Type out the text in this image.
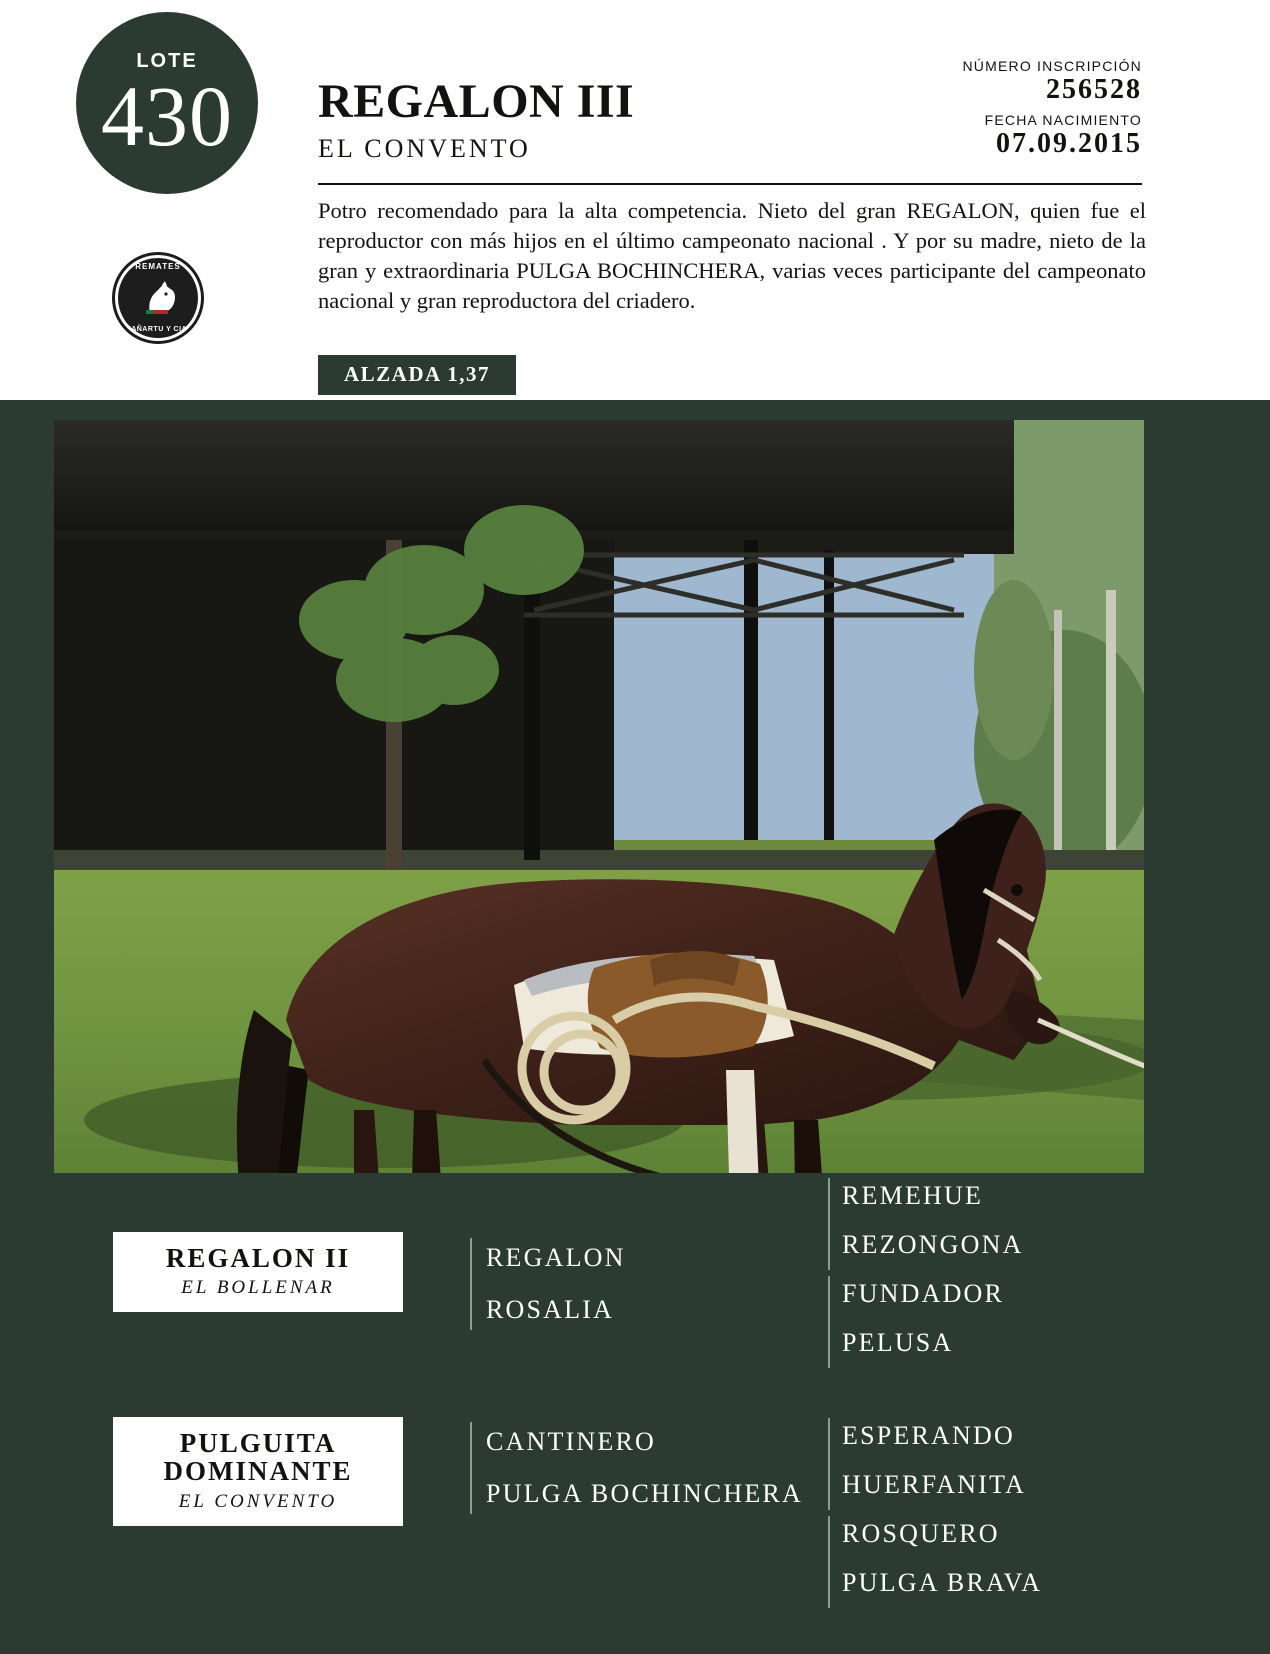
LOTE
430
REMATES
ZAÑARTU Y CIA.
REGALON III
EL CONVENTO
NÚMERO INSCRIPCIÓN
256528
FECHA NACIMIENTO
07.09.2015
Potro recomendado para la alta competencia. Nieto del gran REGALON, quien fue el reproductor con más hijos en el último campeonato nacional . Y por su madre, nieto de la gran y extraordinaria PULGA BOCHINCHERA, varias veces participante del campeonato nacional y gran reproductora del criadero.
ALZADA 1,37
REGALON II
EL BOLLENAR
PULGUITA DOMINANTE
EL CONVENTO
REGALON
ROSALIA
CANTINERO
PULGA BOCHINCHERA
REMEHUE
REZONGONA
FUNDADOR
PELUSA
ESPERANDO
HUERFANITA
ROSQUERO
PULGA BRAVA
